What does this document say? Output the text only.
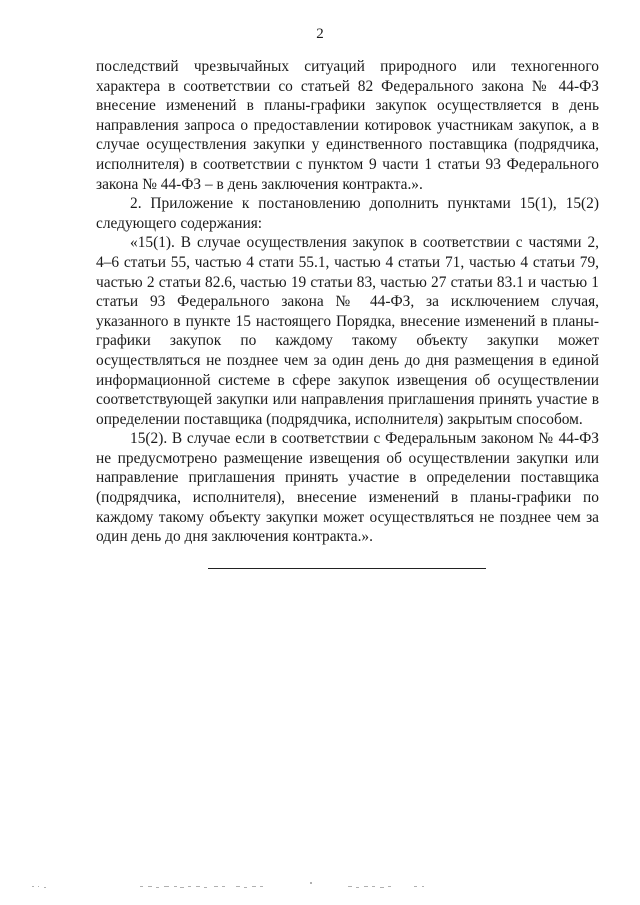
2

последствий чрезвычайных ситуаций природного или техногенного характера в соответствии со статьей 82 Федерального закона № 44-ФЗ внесение изменений в планы-графики закупок осуществляется в день направления запроса о предоставлении котировок участникам закупок, а в случае осуществления закупки у единственного поставщика (подрядчика, исполнителя) в соответствии с пунктом 9 части 1 статьи 93 Федерального закона № 44-ФЗ – в день заключения контракта.».

2. Приложение к постановлению дополнить пунктами 15(1), 15(2) следующего содержания:

«15(1). В случае осуществления закупок в соответствии с частями 2, 4–6 статьи 55, частью 4 стати 55.1, частью 4 статьи 71, частью 4 статьи 79, частью 2 статьи 82.6, частью 19 статьи 83, частью 27 статьи 83.1 и частью 1 статьи 93 Федерального закона № 44-ФЗ, за исключением случая, указанного в пункте 15 настоящего Порядка, внесение изменений в планы-графики закупок по каждому такому объекту закупки может осуществляться не позднее чем за один день до дня размещения в единой информационной системе в сфере закупок извещения об осуществлении соответствующей закупки или направления приглашения принять участие в определении поставщика (подрядчика, исполнителя) закрытым способом.

15(2). В случае если в соответствии с Федеральным законом № 44-ФЗ не предусмотрено размещение извещения об осуществлении закупки или направление приглашения принять участие в определении поставщика (подрядчика, исполнителя), внесение изменений в планы-графики по каждому такому объекту закупки может осуществляться не позднее чем за один день до дня заключения контракта.».
